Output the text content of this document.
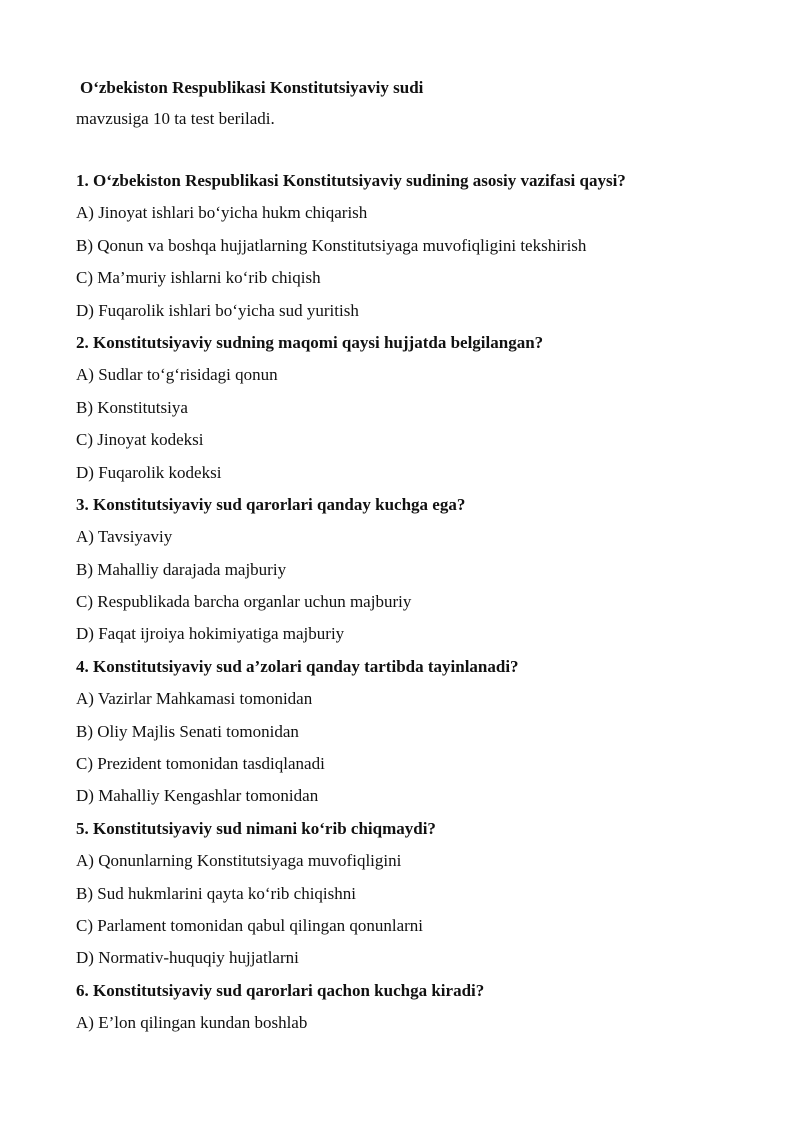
O‘zbekiston Respublikasi Konstitutsiyaviy sudi
mavzusiga 10 ta test beriladi.
1. O‘zbekiston Respublikasi Konstitutsiyaviy sudining asosiy vazifasi qaysi?
A) Jinoyat ishlari bo‘yicha hukm chiqarish
B) Qonun va boshqa hujjatlarning Konstitutsiyaga muvofiqligini tekshirish
C) Ma’muriy ishlarni ko‘rib chiqish
D) Fuqarolik ishlari bo‘yicha sud yuritish
2. Konstitutsiyaviy sudning maqomi qaysi hujjatda belgilangan?
A) Sudlar to‘g‘risidagi qonun
B) Konstitutsiya
C) Jinoyat kodeksi
D) Fuqarolik kodeksi
3. Konstitutsiyaviy sud qarorlari qanday kuchga ega?
A) Tavsiyaviy
B) Mahalliy darajada majburiy
C) Respublikada barcha organlar uchun majburiy
D) Faqat ijroiya hokimiyatiga majburiy
4. Konstitutsiyaviy sud a’zolari qanday tartibda tayinlanadi?
A) Vazirlar Mahkamasi tomonidan
B) Oliy Majlis Senati tomonidan
C) Prezident tomonidan tasdiqlanadi
D) Mahalliy Kengashlar tomonidan
5. Konstitutsiyaviy sud nimani ko‘rib chiqmaydi?
A) Qonunlarning Konstitutsiyaga muvofiqligini
B) Sud hukmlarini qayta ko‘rib chiqishni
C) Parlament tomonidan qabul qilingan qonunlarni
D) Normativ-huquqiy hujjatlarni
6. Konstitutsiyaviy sud qarorlari qachon kuchga kiradi?
A) E’lon qilingan kundan boshlab
